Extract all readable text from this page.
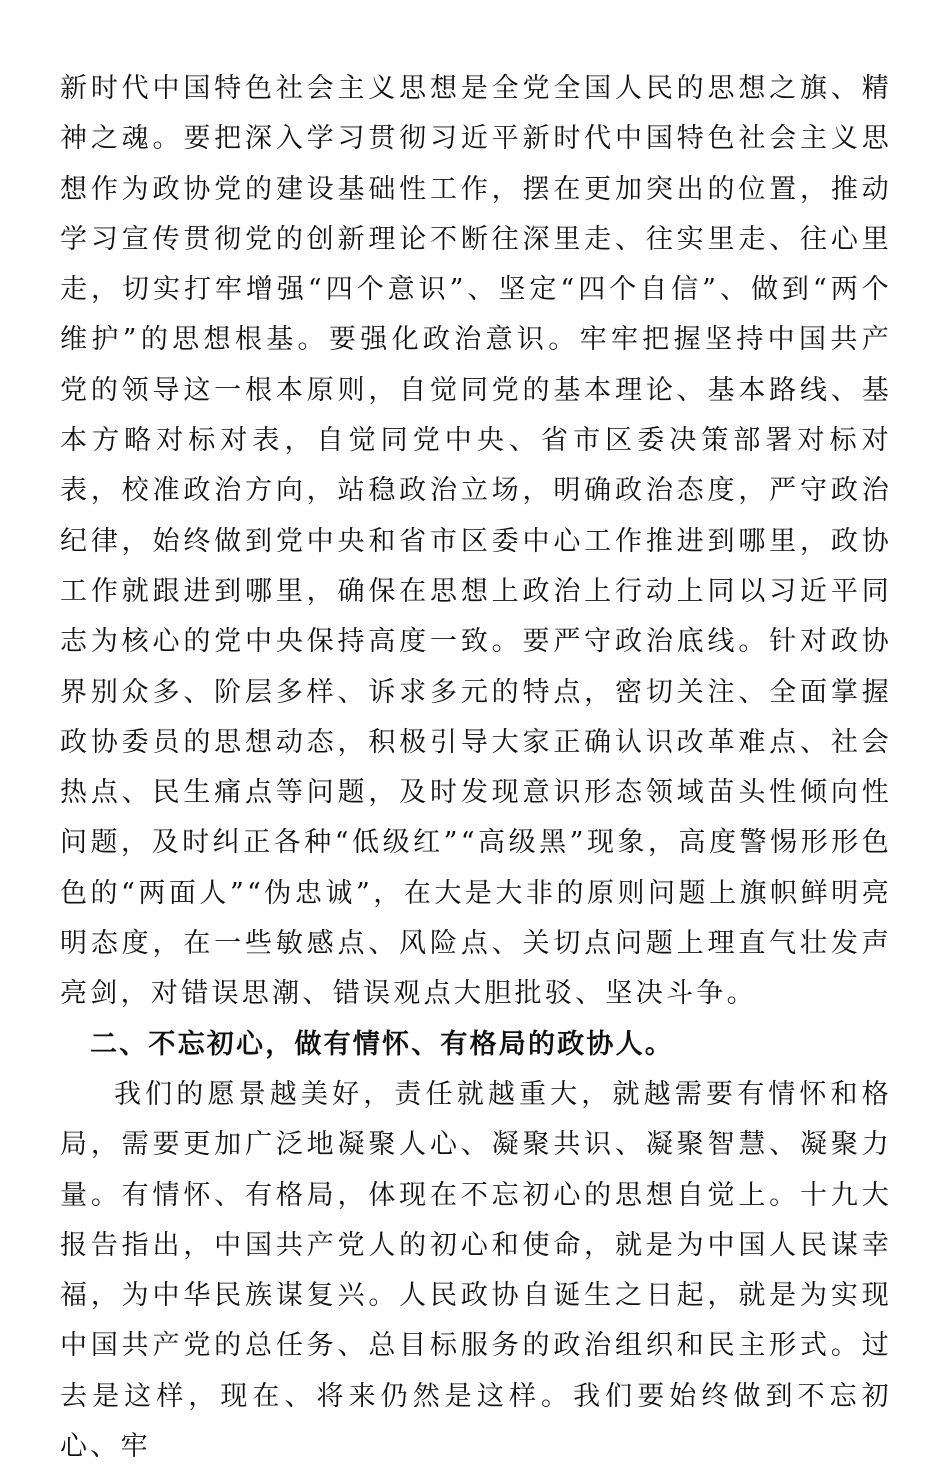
新时代中国特色社会主义思想是全党全国人民的思想之旗、精神之魂。要把深入学习贯彻习近平新时代中国特色社会主义思想作为政协党的建设基础性工作，摆在更加突出的位置，推动学习宣传贯彻党的创新理论不断往深里走、往实里走、往心里走，切实打牢增强“四个意识”、坚定“四个自信”、做到“两个维护”的思想根基。要强化政治意识。牢牢把握坚持中国共产党的领导这一根本原则，自觉同党的基本理论、基本路线、基本方略对标对表，自觉同党中央、省市区委决策部署对标对表，校准政治方向，站稳政治立场，明确政治态度，严守政治纪律，始终做到党中央和省市区委中心工作推进到哪里，政协工作就跟进到哪里，确保在思想上政治上行动上同以习近平同志为核心的党中央保持高度一致。要严守政治底线。针对政协界别众多、阶层多样、诉求多元的特点，密切关注、全面掌握政协委员的思想动态，积极引导大家正确认识改革难点、社会热点、民生痛点等问题，及时发现意识形态领域苗头性倾向性问题，及时纠正各种“低级红”“高级黑”现象，高度警惕形形色色的“两面人”“伪忠诚”，在大是大非的原则问题上旗帜鲜明亮明态度，在一些敏感点、风险点、关切点问题上理直气壮发声亮剑，对错误思潮、错误观点大胆批驳、坚决斗争。

二、不忘初心，做有情怀、有格局的政协人。

我们的愿景越美好，责任就越重大，就越需要有情怀和格局，需要更加广泛地凝聚人心、凝聚共识、凝聚智慧、凝聚力量。有情怀、有格局，体现在不忘初心的思想自觉上。十九大报告指出，中国共产党人的初心和使命，就是为中国人民谋幸福，为中华民族谋复兴。人民政协自诞生之日起，就是为实现中国共产党的总任务、总目标服务的政治组织和民主形式。过去是这样，现在、将来仍然是这样。我们要始终做到不忘初心、牢
